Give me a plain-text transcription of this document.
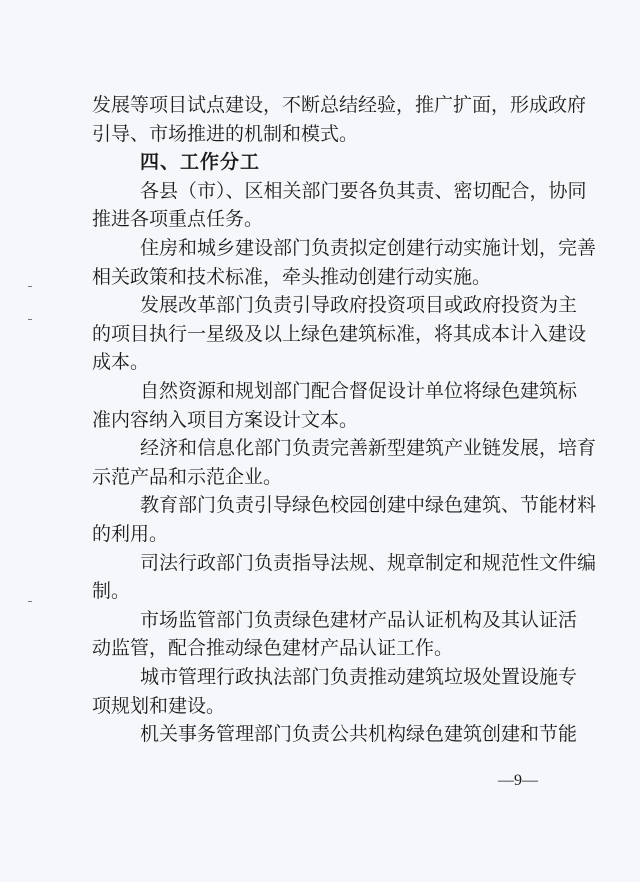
发展等项目试点建设，不断总结经验，推广扩面，形成政府
引导、市场推进的机制和模式。
四、工作分工
各县（市）、区相关部门要各负其责、密切配合，协同
推进各项重点任务。
住房和城乡建设部门负责拟定创建行动实施计划，完善
相关政策和技术标准，牵头推动创建行动实施。
发展改革部门负责引导政府投资项目或政府投资为主
的项目执行一星级及以上绿色建筑标准，将其成本计入建设
成本。
自然资源和规划部门配合督促设计单位将绿色建筑标
准内容纳入项目方案设计文本。
经济和信息化部门负责完善新型建筑产业链发展，培育
示范产品和示范企业。
教育部门负责引导绿色校园创建中绿色建筑、节能材料
的利用。
司法行政部门负责指导法规、规章制定和规范性文件编
制。
市场监管部门负责绿色建材产品认证机构及其认证活
动监管，配合推动绿色建材产品认证工作。
城市管理行政执法部门负责推动建筑垃圾处置设施专
项规划和建设。
机关事务管理部门负责公共机构绿色建筑创建和节能
—9—
